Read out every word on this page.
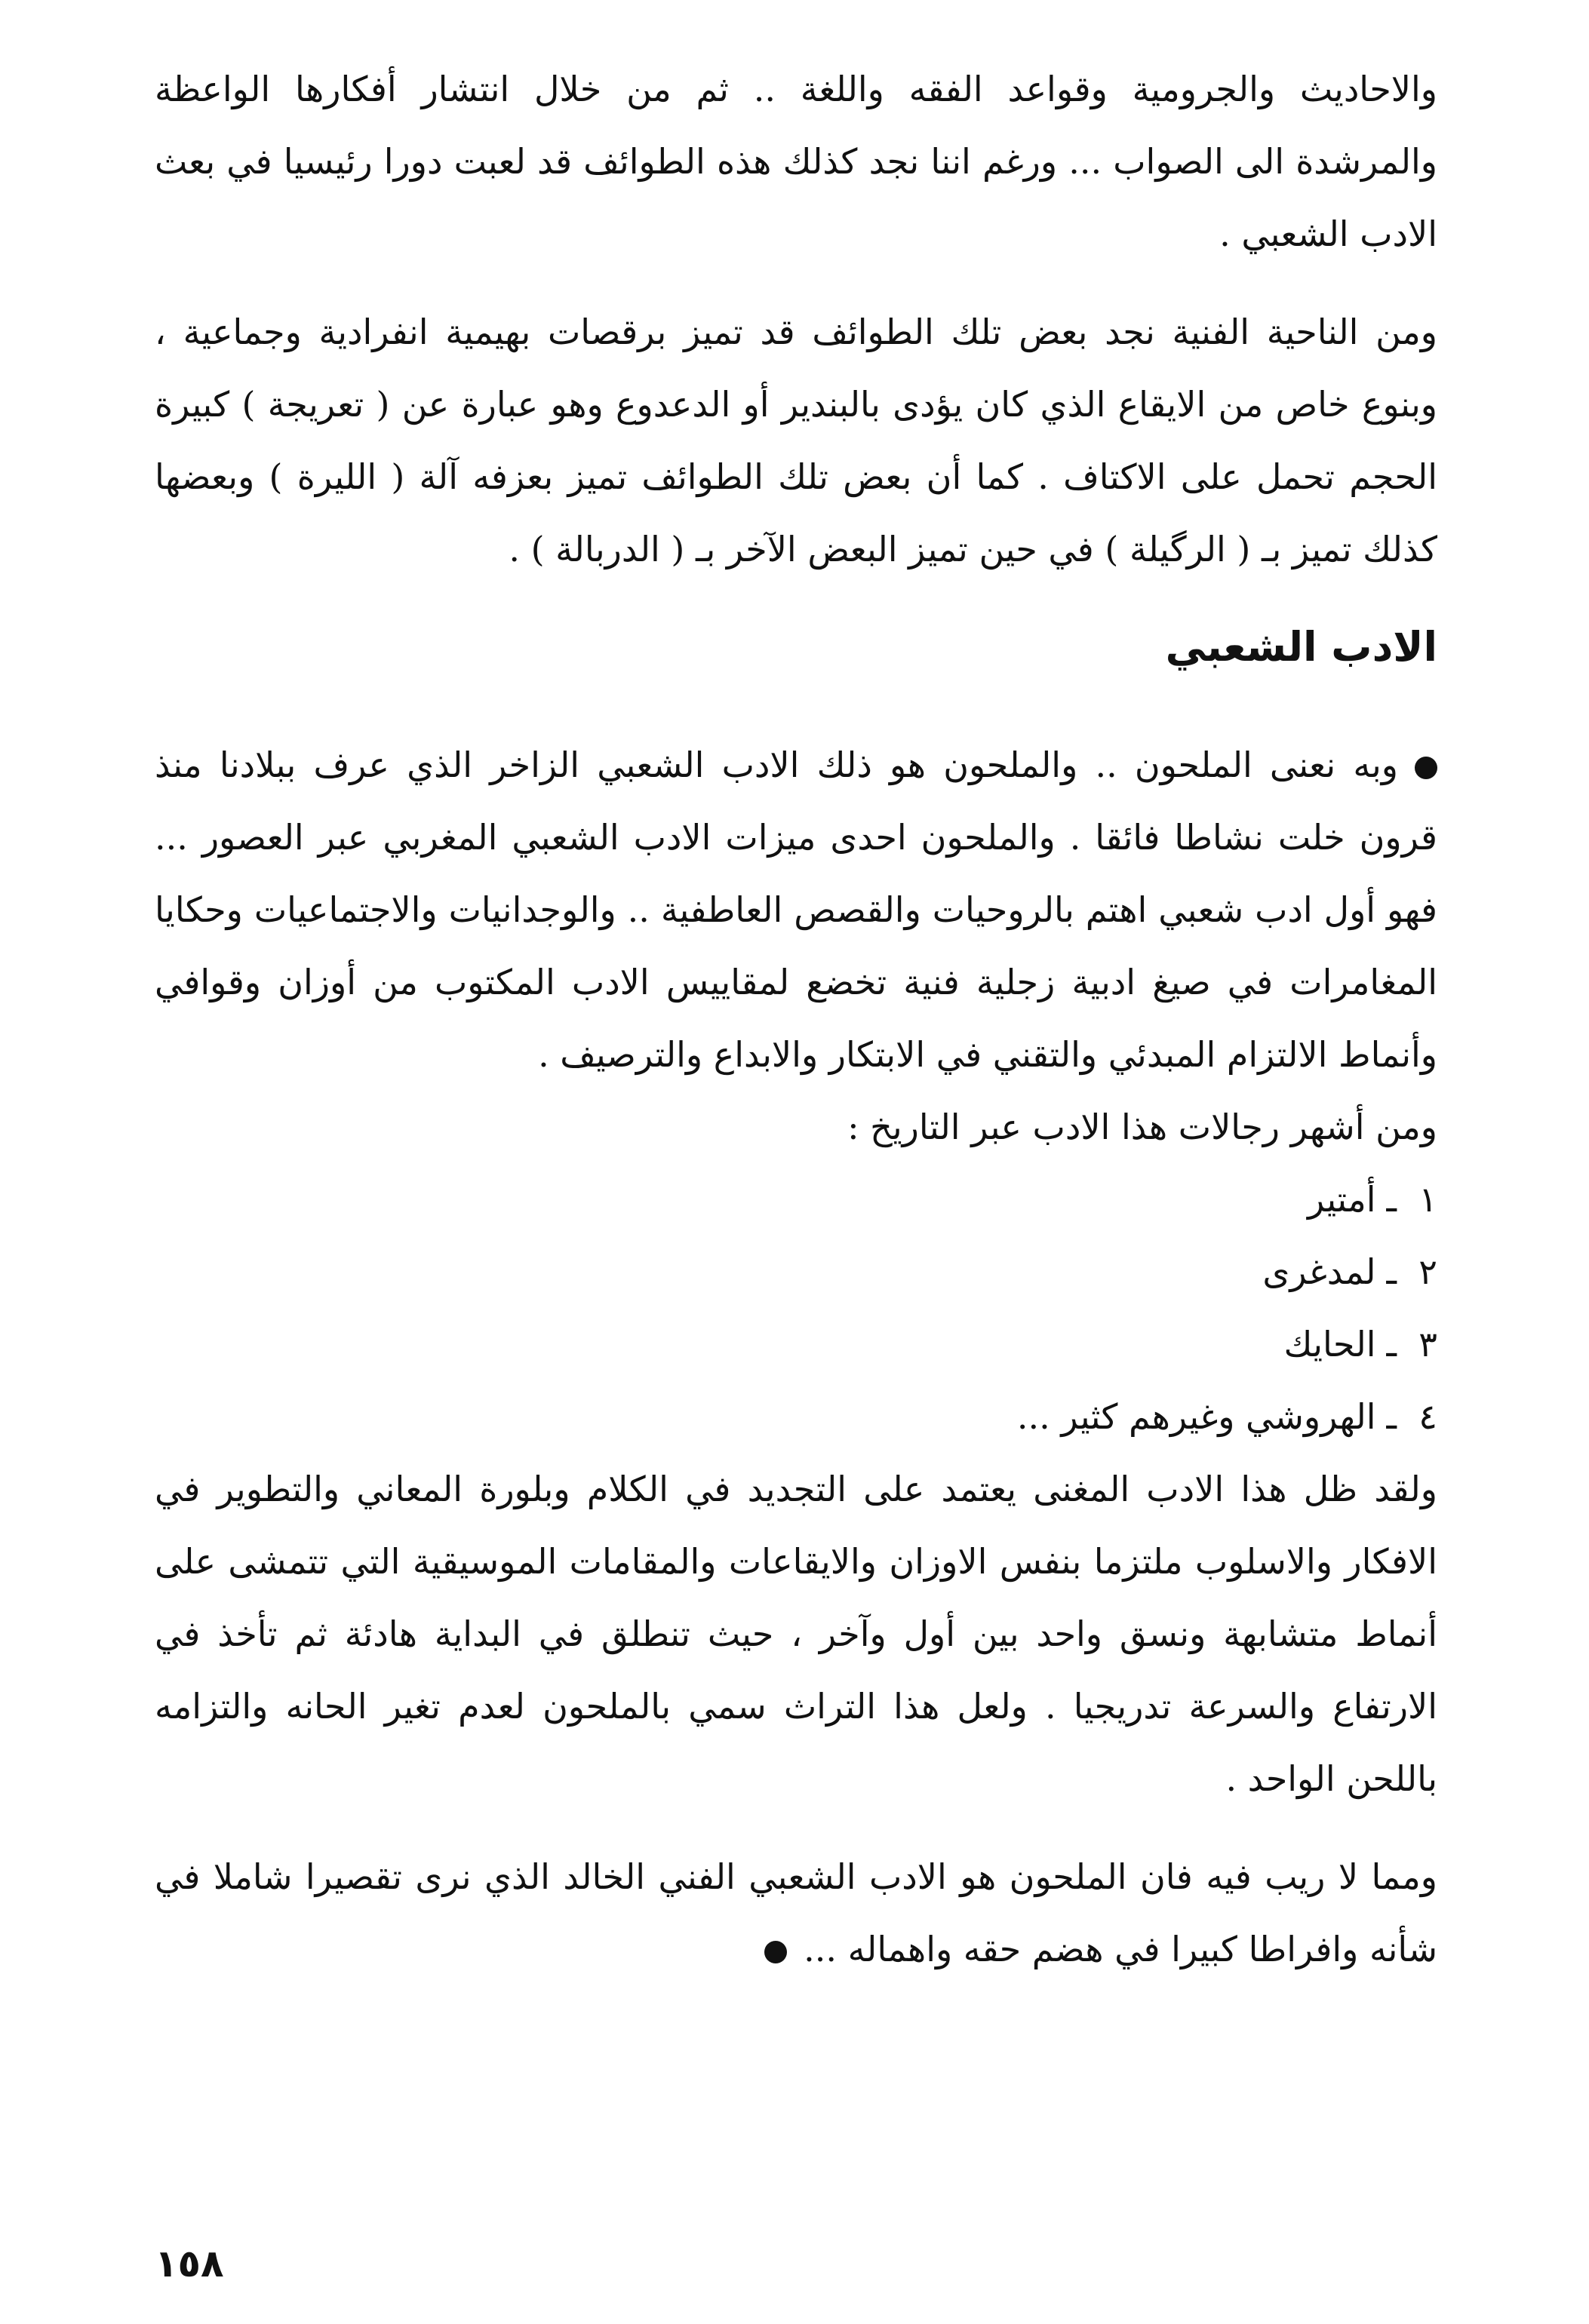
والاحاديث والجرومية وقواعد الفقه واللغة .. ثم من خلال انتشار أفكارها الواعظة والمرشدة الى الصواب ... ورغم اننا نجد كذلك هذه الطوائف قد لعبت دورا رئيسيا في بعث الادب الشعبي .

ومن الناحية الفنية نجد بعض تلك الطوائف قد تميز برقصات بهيمية انفرادية وجماعية ، وبنوع خاص من الايقاع الذي كان يؤدى بالبندير أو الدعدوع وهو عبارة عن ( تعريجة ) كبيرة الحجم تحمل على الاكتاف . كما أن بعض تلك الطوائف تميز بعزفه آلة ( الليرة ) وبعضها كذلك تميز بـ ( الرگيلة ) في حين تميز البعض الآخر بـ ( الدربالة ) .

الادب الشعبي

وبه نعنى الملحون .. والملحون هو ذلك الادب الشعبي الزاخر الذي عرف ببلادنا منذ قرون خلت نشاطا فائقا . والملحون احدى ميزات الادب الشعبي المغربي عبر العصور ... فهو أول ادب شعبي اهتم بالروحيات والقصص العاطفية .. والوجدانيات والاجتماعيات وحكايا المغامرات في صيغ ادبية زجلية فنية تخضع لمقاييس الادب المكتوب من أوزان وقوافي وأنماط الالتزام المبدئي والتقني في الابتكار والابداع والترصيف .

ومن أشهر رجالات هذا الادب عبر التاريخ :

١ـأمتير
٢ـلمدغرى
٣ـالحايك
٤ـالهروشي وغيرهم كثير ...

ولقد ظل هذا الادب المغنى يعتمد على التجديد في الكلام وبلورة المعاني والتطوير في الافكار والاسلوب ملتزما بنفس الاوزان والايقاعات والمقامات الموسيقية التي تتمشى على أنماط متشابهة ونسق واحد بين أول وآخر ، حيث تنطلق في البداية هادئة ثم تأخذ في الارتفاع والسرعة تدريجيا . ولعل هذا التراث سمي بالملحون لعدم تغير الحانه والتزامه باللحن الواحد .

ومما لا ريب فيه فان الملحون هو الادب الشعبي الفني الخالد الذي نرى تقصيرا شاملا في شأنه وافراطا كبيرا في هضم حقه واهماله ...

١٥٨
